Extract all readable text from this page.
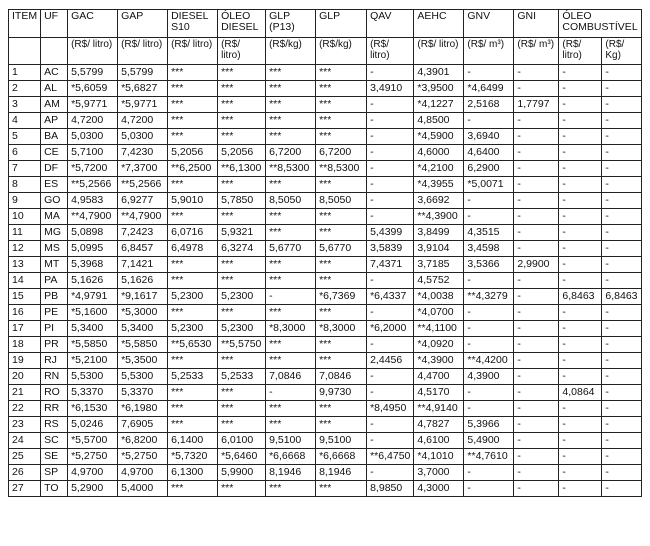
ITEM	UF	GAC	GAP	DIESEL S10	ÓLEO DIESEL	GLP (P13)	GLP	QAV	AEHC	GNV	GNI	ÓLEO COMBUSTÍVEL	
		(R$/ litro)	(R$/ litro)	(R$/ litro)	(R$/ litro)	(R$/kg)	(R$/kg)	(R$/ litro)	(R$/ litro)	(R$/ m³)	(R$/ m³)	(R$/ litro)	(R$/ Kg)
1	AC	5,5799	5,5799	***	***	***	***	-	4,3901	-	-	-	-
2	AL	*5,6059	*5,6827	***	***	***	***	3,4910	*3,9500	*4,6499	-	-	-
3	AM	*5,9771	*5,9771	***	***	***	***	-	*4,1227	2,5168	1,7797	-	-
4	AP	4,7200	4,7200	***	***	***	***	-	4,8500	-	-	-	-
5	BA	5,0300	5,0300	***	***	***	***	-	*4,5900	3,6940	-	-	-
6	CE	5,7100	7,4230	5,2056	5,2056	6,7200	6,7200	-	4,6000	4,6400	-	-	-
7	DF	*5,7200	*7,3700	**6,2500	**6,1300	**8,5300	**8,5300	-	*4,2100	6,2900	-	-	-
8	ES	**5,2566	**5,2566	***	***	***	***	-	*4,3955	*5,0071	-	-	-
9	GO	4,9583	6,9277	5,9010	5,7850	8,5050	8,5050	-	3,6692	-	-	-	-
10	MA	**4,7900	**4,7900	***	***	***	***	-	**4,3900	-	-	-	-
11	MG	5,0898	7,2423	6,0716	5,9321	***	***	5,4399	3,8499	4,3515	-	-	-
12	MS	5,0995	6,8457	6,4978	6,3274	5,6770	5,6770	3,5839	3,9104	3,4598	-	-	-
13	MT	5,3968	7,1421	***	***	***	***	7,4371	3,7185	3,5366	2,9900	-	-
14	PA	5,1626	5,1626	***	***	***	***	-	4,5752	-	-	-	-
15	PB	*4,9791	*9,1617	5,2300	5,2300	-	*6,7369	*6,4337	*4,0038	**4,3279	-	6,8463	6,8463
16	PE	*5,1600	*5,3000	***	***	***	***	-	*4,0700	-	-	-	-
17	PI	5,3400	5,3400	5,2300	5,2300	*8,3000	*8,3000	*6,2000	**4,1100	-	-	-	-
18	PR	*5,5850	*5,5850	**5,6530	**5,5750	***	***	-	*4,0920	-	-	-	-
19	RJ	*5,2100	*5,3500	***	***	***	***	2,4456	*4,3900	**4,4200	-	-	-
20	RN	5,5300	5,5300	5,2533	5,2533	7,0846	7,0846	-	4,4700	4,3900	-	-	-
21	RO	5,3370	5,3370	***	***	-	9,9730	-	4,5170	-	-	4,0864	-
22	RR	*6,1530	*6,1980	***	***	***	***	*8,4950	**4,9140	-	-	-	-
23	RS	5,0246	7,6905	***	***	***	***	-	4,7827	5,3966	-	-	-
24	SC	*5,5700	*6,8200	6,1400	6,0100	9,5100	9,5100	-	4,6100	5,4900	-	-	-
25	SE	*5,2750	*5,2750	*5,7320	*5,6460	*6,6668	*6,6668	**6,4750	*4,1010	**4,7610	-	-	-
26	SP	4,9700	4,9700	6,1300	5,9900	8,1946	8,1946	-	3,7000	-	-	-	-
27	TO	5,2900	5,4000	***	***	***	***	8,9850	4,3000	-	-	-	-
